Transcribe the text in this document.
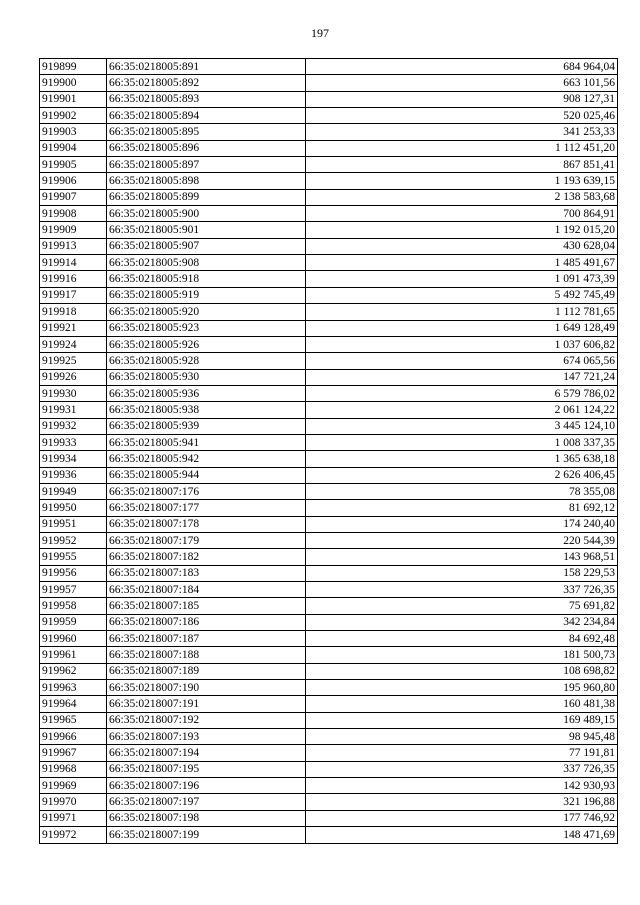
197
919899	66:35:0218005:891	684 964,04
919900	66:35:0218005:892	663 101,56
919901	66:35:0218005:893	908 127,31
919902	66:35:0218005:894	520 025,46
919903	66:35:0218005:895	341 253,33
919904	66:35:0218005:896	1 112 451,20
919905	66:35:0218005:897	867 851,41
919906	66:35:0218005:898	1 193 639,15
919907	66:35:0218005:899	2 138 583,68
919908	66:35:0218005:900	700 864,91
919909	66:35:0218005:901	1 192 015,20
919913	66:35:0218005:907	430 628,04
919914	66:35:0218005:908	1 485 491,67
919916	66:35:0218005:918	1 091 473,39
919917	66:35:0218005:919	5 492 745,49
919918	66:35:0218005:920	1 112 781,65
919921	66:35:0218005:923	1 649 128,49
919924	66:35:0218005:926	1 037 606,82
919925	66:35:0218005:928	674 065,56
919926	66:35:0218005:930	147 721,24
919930	66:35:0218005:936	6 579 786,02
919931	66:35:0218005:938	2 061 124,22
919932	66:35:0218005:939	3 445 124,10
919933	66:35:0218005:941	1 008 337,35
919934	66:35:0218005:942	1 365 638,18
919936	66:35:0218005:944	2 626 406,45
919949	66:35:0218007:176	78 355,08
919950	66:35:0218007:177	81 692,12
919951	66:35:0218007:178	174 240,40
919952	66:35:0218007:179	220 544,39
919955	66:35:0218007:182	143 968,51
919956	66:35:0218007:183	158 229,53
919957	66:35:0218007:184	337 726,35
919958	66:35:0218007:185	75 691,82
919959	66:35:0218007:186	342 234,84
919960	66:35:0218007:187	84 692,48
919961	66:35:0218007:188	181 500,73
919962	66:35:0218007:189	108 698,82
919963	66:35:0218007:190	195 960,80
919964	66:35:0218007:191	160 481,38
919965	66:35:0218007:192	169 489,15
919966	66:35:0218007:193	98 945,48
919967	66:35:0218007:194	77 191,81
919968	66:35:0218007:195	337 726,35
919969	66:35:0218007:196	142 930,93
919970	66:35:0218007:197	321 196,88
919971	66:35:0218007:198	177 746,92
919972	66:35:0218007:199	148 471,69
